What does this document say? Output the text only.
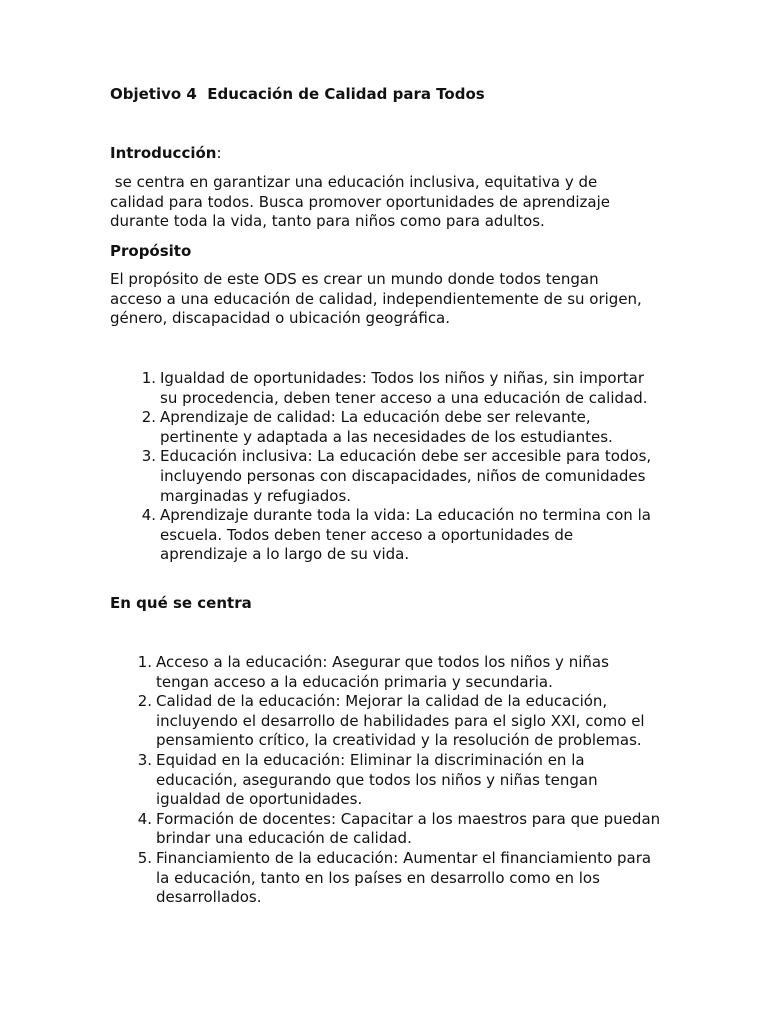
Objetivo 4  Educación de Calidad para Todos
Introducción:

se centra en garantizar una educación inclusiva, equitativa y de calidad para todos. Busca promover oportunidades de aprendizaje durante toda la vida, tanto para niños como para adultos.

Propósito

El propósito de este ODS es crear un mundo donde todos tengan acceso a una educación de calidad, independientemente de su origen, género, discapacidad o ubicación geográfica.

1. Igualdad de oportunidades: Todos los niños y niñas, sin importar su procedencia, deben tener acceso a una educación de calidad.
2. Aprendizaje de calidad: La educación debe ser relevante, pertinente y adaptada a las necesidades de los estudiantes.
3. Educación inclusiva: La educación debe ser accesible para todos, incluyendo personas con discapacidades, niños de comunidades marginadas y refugiados.
4. Aprendizaje durante toda la vida: La educación no termina con la escuela. Todos deben tener acceso a oportunidades de aprendizaje a lo largo de su vida.
En qué se centra
1. Acceso a la educación: Asegurar que todos los niños y niñas tengan acceso a la educación primaria y secundaria.
2. Calidad de la educación: Mejorar la calidad de la educación, incluyendo el desarrollo de habilidades para el siglo XXI, como el pensamiento crítico, la creatividad y la resolución de problemas.
3. Equidad en la educación: Eliminar la discriminación en la educación, asegurando que todos los niños y niñas tengan igualdad de oportunidades.
4. Formación de docentes: Capacitar a los maestros para que puedan brindar una educación de calidad.
5. Financiamiento de la educación: Aumentar el financiamiento para la educación, tanto en los países en desarrollo como en los desarrollados.
